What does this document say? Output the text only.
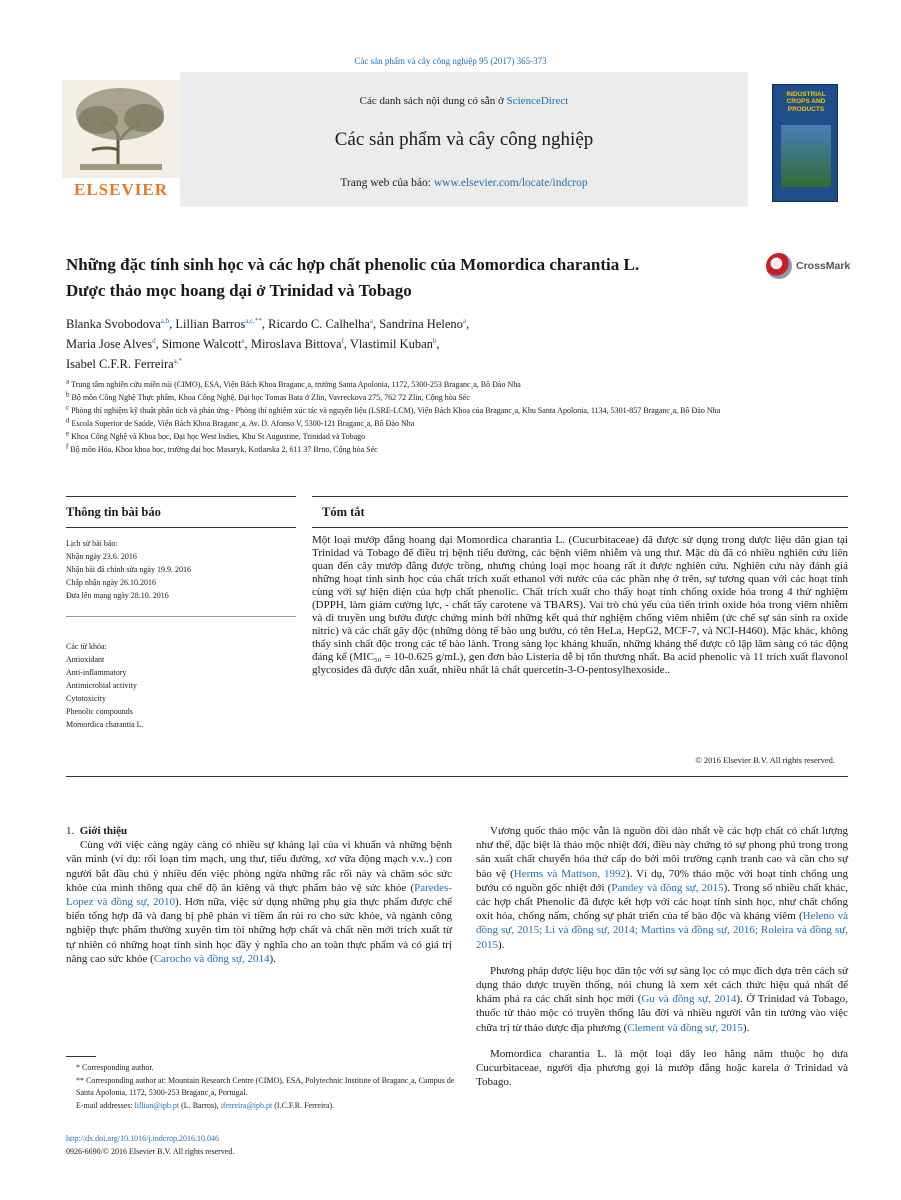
Các sản phẩm và cây công nghiệp 95 (2017) 365-373
ELSEVIER
Các danh sách nội dung có sẵn ở ScienceDirect
Các sản phẩm và cây công nghiệp
Trang web của báo: www.elsevier.com/locate/indcrop
INDUSTRIAL CROPS AND PRODUCTS
Những đặc tính sinh học và các hợp chất phenolic của Momordica charantia L.
Dược thảo mọc hoang dại ở Trinidad và Tobago
CrossMark
Blanka Svobodova$^{a,b}$, Lillian Barros$^{a,c,**}$, Ricardo C. Calhelha$^a$, Sandrina Heleno$^a$,
Maria Jose Alves$^d$, Simone Walcott$^e$, Miroslava Bittova$^f$, Vlastimil Kuban$^b$,
Isabel C.F.R. Ferreira$^{a,*}$
$^a$ Trung tâm nghiên cứu miền núi (CIMO), ESA, Viện Bách Khoa Braganc¸a, trường Santa Apolonia, 1172, 5300-253 Braganc¸a, Bồ Đào Nha
$^b$ Bộ môn Công Nghệ Thực phẩm, Khoa Công Nghệ, Đại học Tomas Bata ở Zlin, Vavreckova 275, 762 72 Zlin, Cộng hòa Séc
$^c$ Phòng thí nghiệm kỹ thuật phân tích và phản ứng - Phòng thí nghiệm xúc tác và nguyên liệu (LSRE-LCM), Viện Bách Khoa của Braganc¸a, Khu Santa Apolonia, 1134, 5301-857 Braganc¸a, Bồ Đào Nha
$^d$ Escola Superior de Saúde, Viện Bách Khoa Braganc¸a, Av. D. Afonso V, 5300-121 Braganc¸a, Bồ Đào Nha
$^e$ Khoa Công Nghệ và Khoa học, Đại học West Indies, Khu St Augustine, Trinidad và Tobago
$^f$ Bộ môn Hóa, Khoa khoa học, trường đại học Masaryk, Kotlarska 2, 611 37 Brno, Cộng hòa Séc
Thông tin bài báo	Tóm tắt
Lịch sử bài báo:
Nhận ngày 23.6. 2016
Nhận bài đã chỉnh sửa ngày 19.9. 2016
Chấp nhận ngày 26.10.2016
Đưa lên mạng ngày 28.10. 2016
Các từ khóa:
Antioxidant
Anti-inflammatory
Antimicrobial activity
Cytotoxicity
Phenolic compounds
Momordica charantia L.
Một loại mướp đắng hoang dại Momordica charantia L. (Cucurbitaceae) đã được sử dụng trong dược liệu dân gian tại Trinidad và Tobago để điều trị bệnh tiểu đường, các bệnh viêm nhiễm và ung thư. Mặc dù đã có nhiều nghiên cứu liên quan đến cây mướp đắng được trồng, nhưng chúng loại mọc hoang rất ít được nghiên cứu. Nghiên cứu này đánh giá những hoạt tính sinh học của chất trích xuất ethanol với nước của các phần nhẹ ở trên, sự tương quan với các hoạt tính cùng với sự hiện diện của hợp chất phenolic. Chất trích xuất cho thấy hoạt tính chống oxide hóa trong 4 thử nghiệm (DPPH, làm giảm cường lực, - chất tẩy carotene và TBARS). Vai trò chủ yếu của tiến trình oxide hóa trong viêm nhiễm và di truyền ung bướu được chứng minh bởi những kết quả thử nghiệm chống viêm nhiễm (ức chế sự sản sinh ra oxide nitric) và các chất gây độc (những dòng tế bào ung bướu, có tên HeLa, HepG2, MCF-7, và NCI-H460). Mặc khác, không thấy sinh chất độc trong các tế bào lành. Trong sàng lọc kháng khuẩn, những kháng thể được cô lập lâm sàng có tác động đáng kể (MIC₅₀ = 10-0.625 g/mL), gen đơn bào Listeria dễ bị tổn thương nhất. Ba acid phenolic và 11 trích xuất flavonol glycosides đã được dẫn xuất, nhiều nhất là chất quercetin-3-O-pentosylhexoside..
© 2016 Elsevier B.V. All rights reserved.
1. Giới thiệu

Cùng với việc càng ngày càng có nhiều sự kháng lại của vi khuẩn và những bệnh văn minh (ví dụ: rối loạn tim mạch, ung thư, tiểu đường, xơ vữa động mạch v.v..) con người bắt đầu chú ý nhiều đến việc phòng ngừa những rắc rối này và chăm sóc sức khỏe của mình thông qua chế độ ăn kiêng và thực phẩm bảo vệ sức khỏe (Paredes-Lopez và đồng sự, 2010). Hơn nữa, việc sử dụng những phụ gia thực phẩm được chế biến tổng hợp đã và đang bị phê phán vì tiềm ẩn rủi ro cho sức khỏe, và ngành công nghiệp thực phẩm thường xuyên tìm tòi những hợp chất và chất nền mới trích xuất từ tự nhiên có những hoạt tính sinh học đầy ý nghĩa cho an toàn thực phẩm và có giá trị nâng cao sức khỏe (Carocho và đồng sự, 2014).

Vương quốc thảo mộc vẫn là nguồn dồi dào nhất về các hợp chất có chất lượng như thế, đặc biệt là thảo mộc nhiệt đới, điều này chứng tỏ sự phong phú trong trong sản xuất chất chuyển hóa thứ cấp do bởi môi trường cạnh tranh cao và cần cho sự bảo vệ (Herms và Mattson, 1992). Ví dụ, 70% thảo mộc với hoạt tính chống ung bướu có nguồn gốc nhiệt đới (Pandey và đồng sự, 2015). Trong số nhiều chất khác, các hợp chất Phenolic đã được kết hợp với các hoạt tính sinh học, như chất chống oxit hóa, chống nấm, chống sự phát triển của tế bào độc và kháng viêm (Heleno và đồng sự, 2015; Li và đồng sự, 2014; Martins và đồng sự, 2016; Roleira và đồng sự, 2015).

Phương pháp dược liệu học dân tộc với sự sàng lọc có mục đích dựa trên cách sử dụng thảo dược truyền thống, nói chung là xem xét cách thức hiệu quả nhất để khám phá ra các chất sinh học mới (Gu và đồng sự, 2014). Ở Trinidad và Tobago, thuốc từ thảo mộc có truyền thống lâu đời và nhiều người vẫn tin tưởng vào việc chữa trị từ thảo dược địa phương (Clement và đồng sự, 2015).

Momordica charantia L. là một loại dây leo hằng năm thuộc họ dưa Cucurbitaceae, người địa phương gọi là mướp đắng hoặc karela ở Trinidad và Tobago.

* Corresponding author.
** Corresponding author at: Mountain Research Centre (CIMO), ESA, Polytechnic Institute of Braganc¸a, Campus de Santa Apolonia, 1172, 5300-253 Braganc¸a, Portugal.
E-mail addresses: lillian@ipb.pt (L. Barros), iferreira@ipb.pt (I.C.F.R. Ferreira).
http://dx.doi.org/10.1016/j.indcrop.2016.10.046
0926-6690/© 2016 Elsevier B.V. All rights reserved.
